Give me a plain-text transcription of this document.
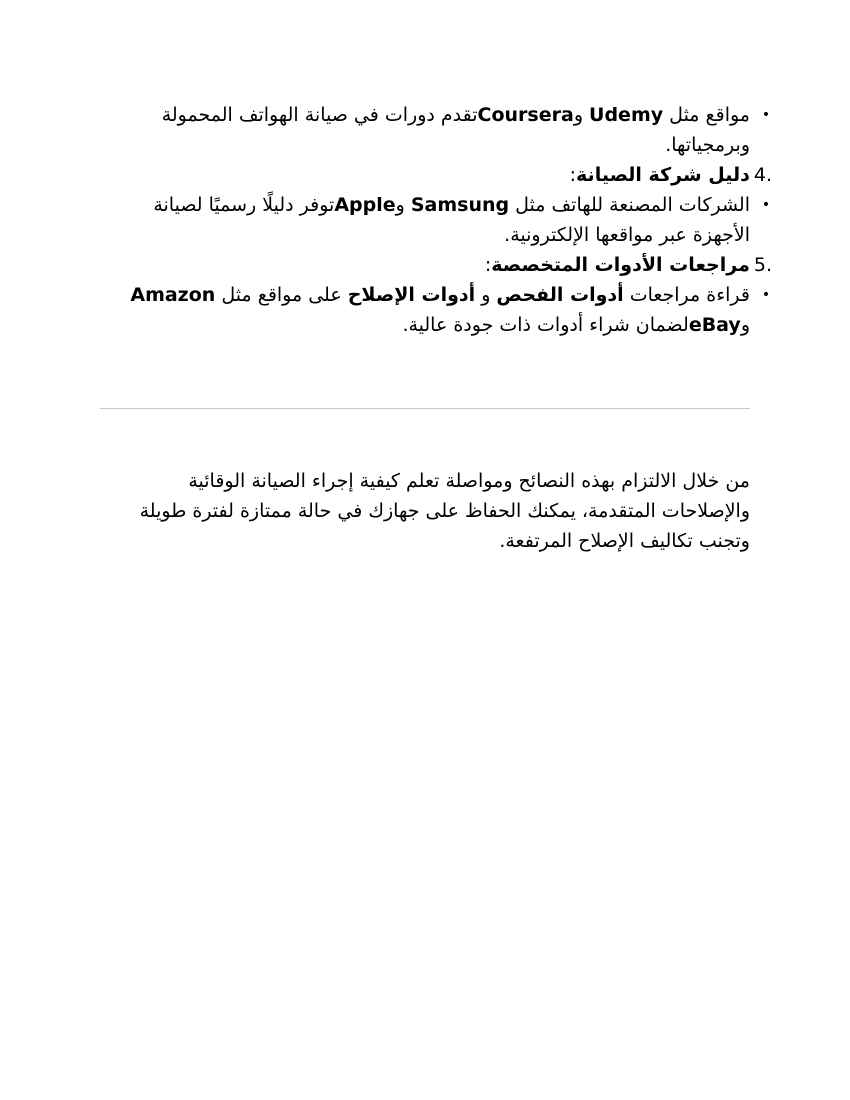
•
مواقع مثل Udemy وCourseraتقدم دورات في صيانة الهواتف المحمولة وبرمجياتها.
4.دليل شركة الصيانة:
•
الشركات المصنعة للهاتف مثل Samsung وAppleتوفر دليلًا رسميًا لصيانة الأجهزة عبر مواقعها الإلكترونية.
5.مراجعات الأدوات المتخصصة:
•
قراءة مراجعات أدوات الفحص و أدوات الإصلاح على مواقع مثل Amazon وeBayلضمان شراء أدوات ذات جودة عالية.
من خلال الالتزام بهذه النصائح ومواصلة تعلم كيفية إجراء الصيانة الوقائية والإصلاحات المتقدمة، يمكنك الحفاظ على جهازك في حالة ممتازة لفترة طويلة وتجنب تكاليف الإصلاح المرتفعة.
